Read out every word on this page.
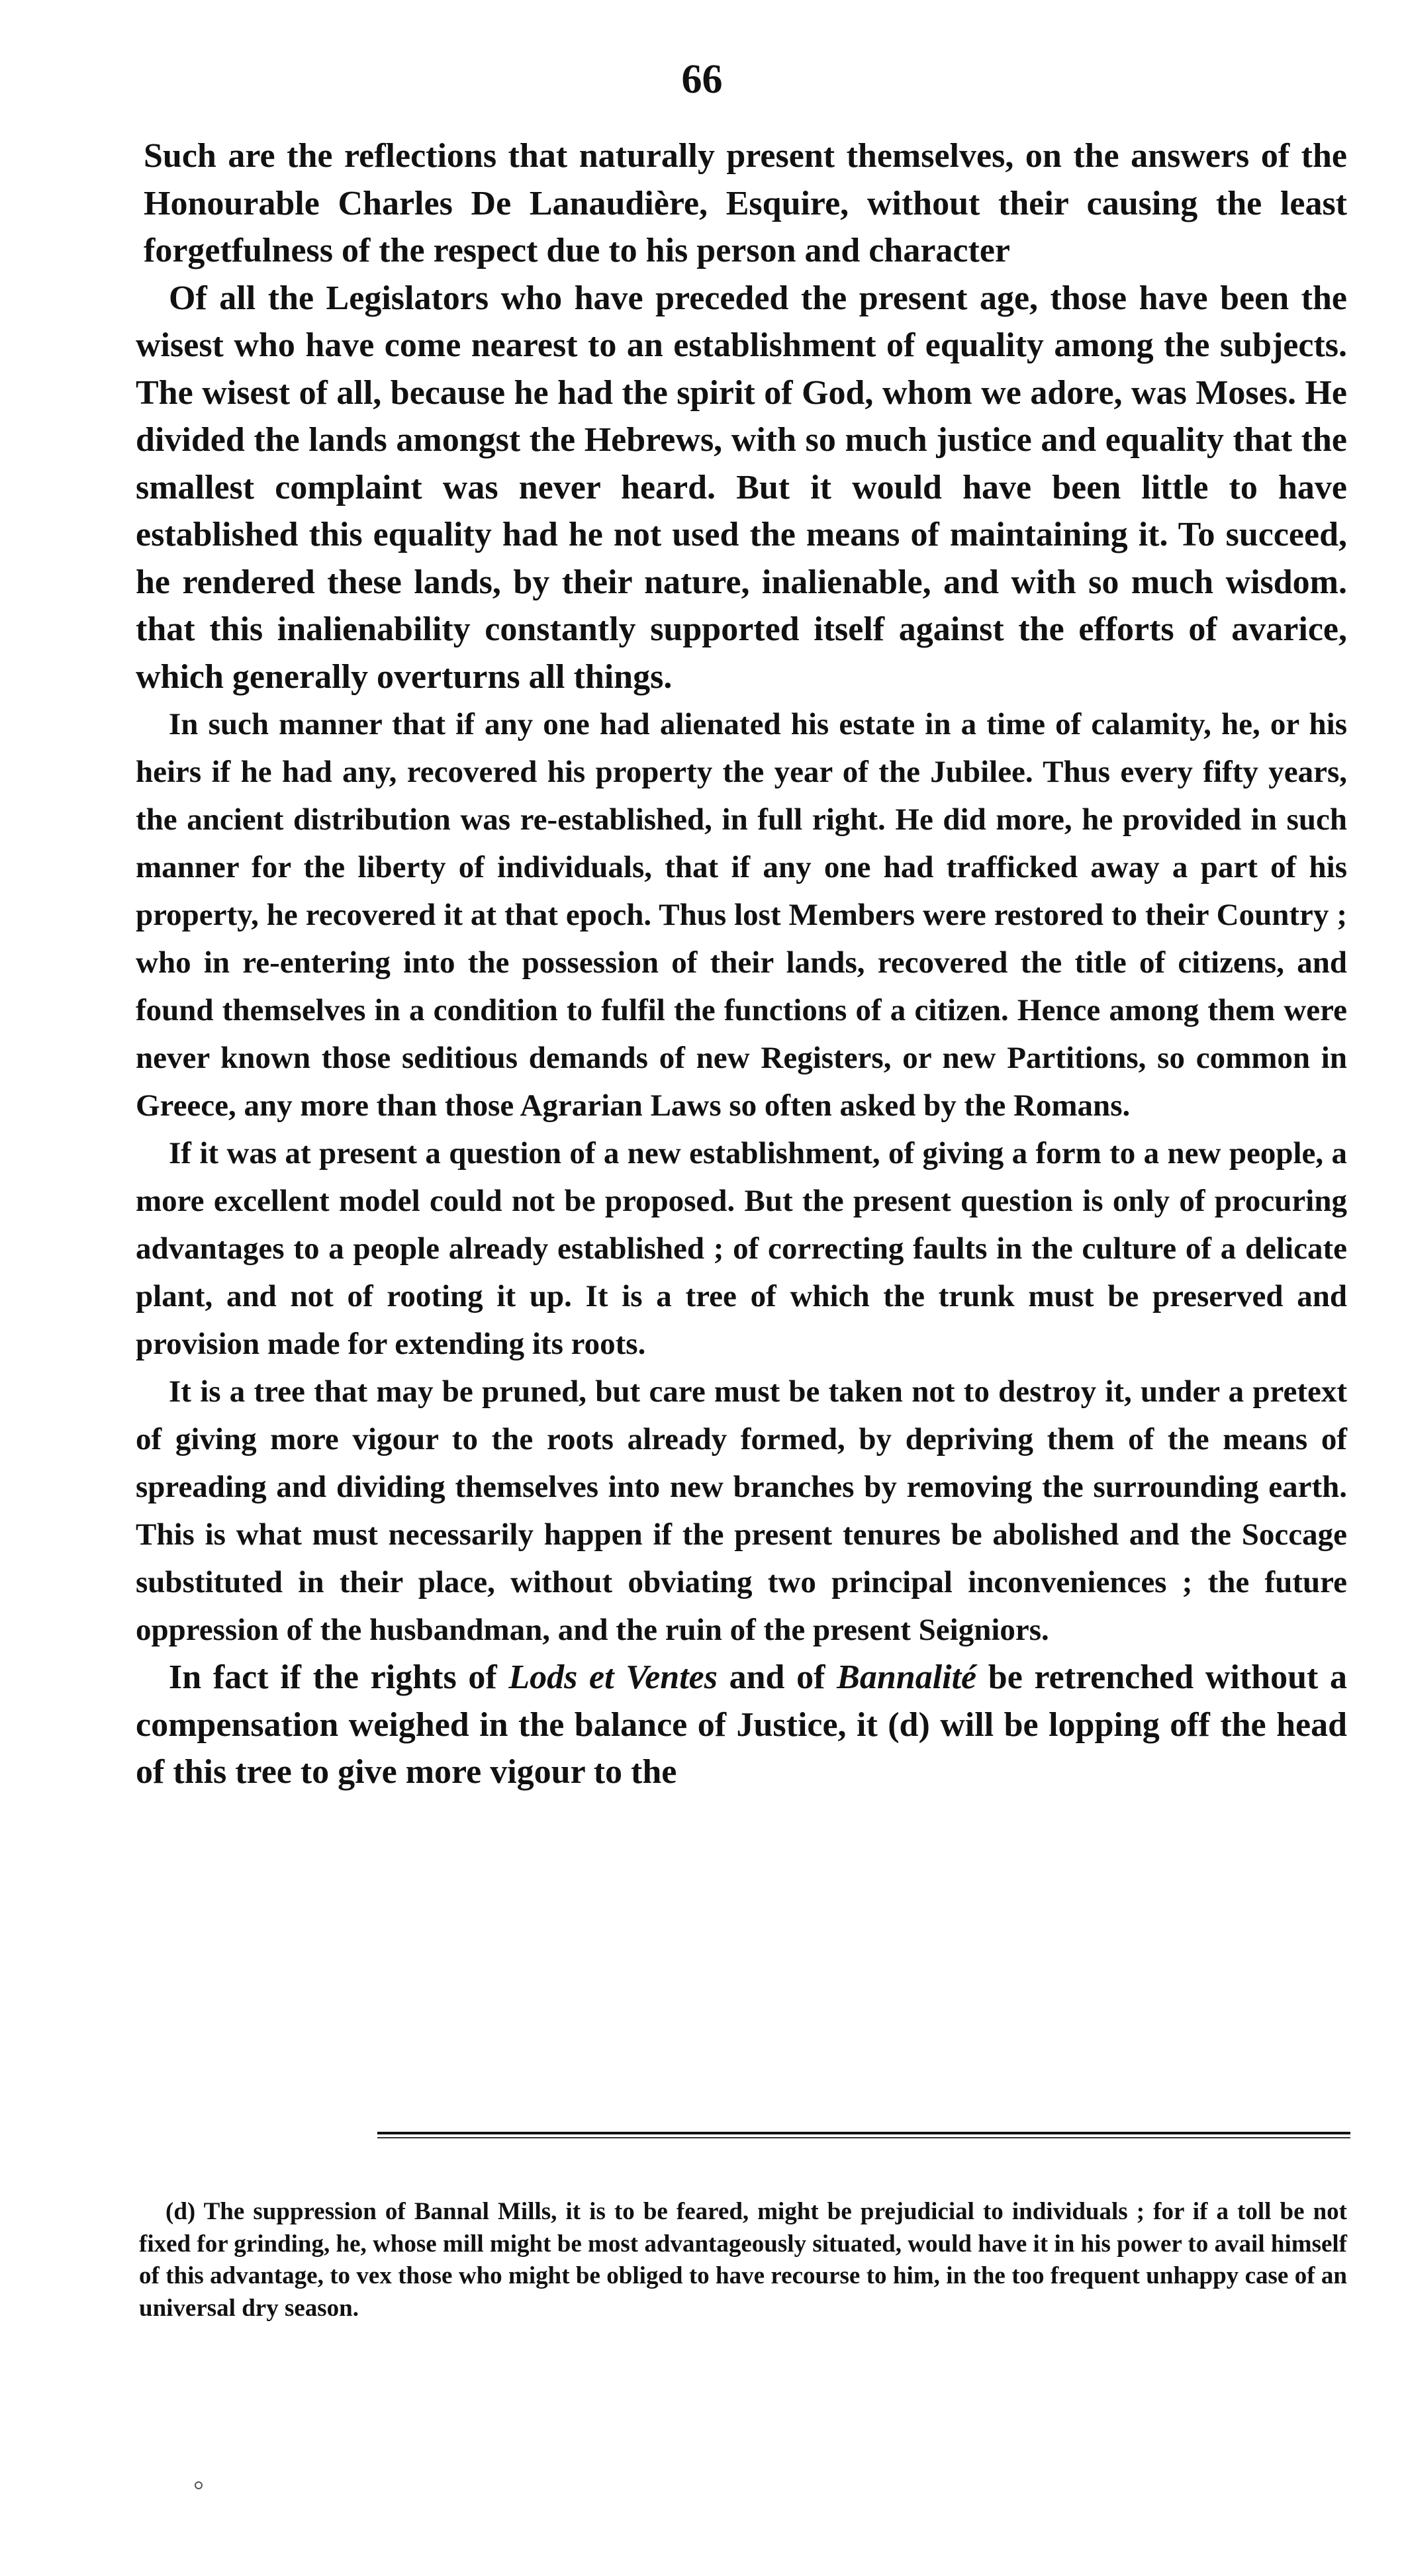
66

Such are the reflections that naturally present themselves, on the answers of the Honourable Charles De Lanaudière, Esquire, without their causing the least forgetfulness of the respect due to his person and character

Of all the Legislators who have preceded the present age, those have been the wisest who have come nearest to an establishment of equality among the subjects. The wisest of all, because he had the spirit of God, whom we adore, was Moses. He divided the lands amongst the Hebrews, with so much justice and equality that the smallest complaint was never heard. But it would have been little to have established this equality had he not used the means of maintaining it. To succeed, he rendered these lands, by their nature, inalienable, and with so much wisdom. that this inalienability constantly supported itself against the efforts of avarice, which generally overturns all things.

In such manner that if any one had alienated his estate in a time of calamity, he, or his heirs if he had any, recovered his property the year of the Jubilee. Thus every fifty years, the ancient distribution was re-established, in full right. He did more, he provided in such manner for the liberty of individuals, that if any one had trafficked away a part of his property, he recovered it at that epoch. Thus lost Members were restored to their Country ; who in re-entering into the possession of their lands, recovered the title of citizens, and found themselves in a condition to fulfil the functions of a citizen. Hence among them were never known those seditious demands of new Registers, or new Partitions, so common in Greece, any more than those Agrarian Laws so often asked by the Romans.

If it was at present a question of a new establishment, of giving a form to a new people, a more excellent model could not be proposed. But the present question is only of procuring advantages to a people already established ; of correcting faults in the culture of a delicate plant, and not of rooting it up. It is a tree of which the trunk must be preserved and provision made for extending its roots.

It is a tree that may be pruned, but care must be taken not to destroy it, under a pretext of giving more vigour to the roots already formed, by depriving them of the means of spreading and dividing themselves into new branches by removing the surrounding earth. This is what must necessarily happen if the present tenures be abolished and the Soccage substituted in their place, without obviating two principal inconveniences ; the future oppression of the husbandman, and the ruin of the present Seigniors.

In fact if the rights of Lods et Ventes and of Bannalité be retrenched without a compensation weighed in the balance of Justice, it (d) will be lopping off the head of this tree to give more vigour to the

(d) The suppression of Bannal Mills, it is to be feared, might be prejudicial to individuals ; for if a toll be not fixed for grinding, he, whose mill might be most advantageously situated, would have it in his power to avail himself of this advantage, to vex those who might be obliged to have recourse to him, in the too frequent unhappy case of an universal dry season.
